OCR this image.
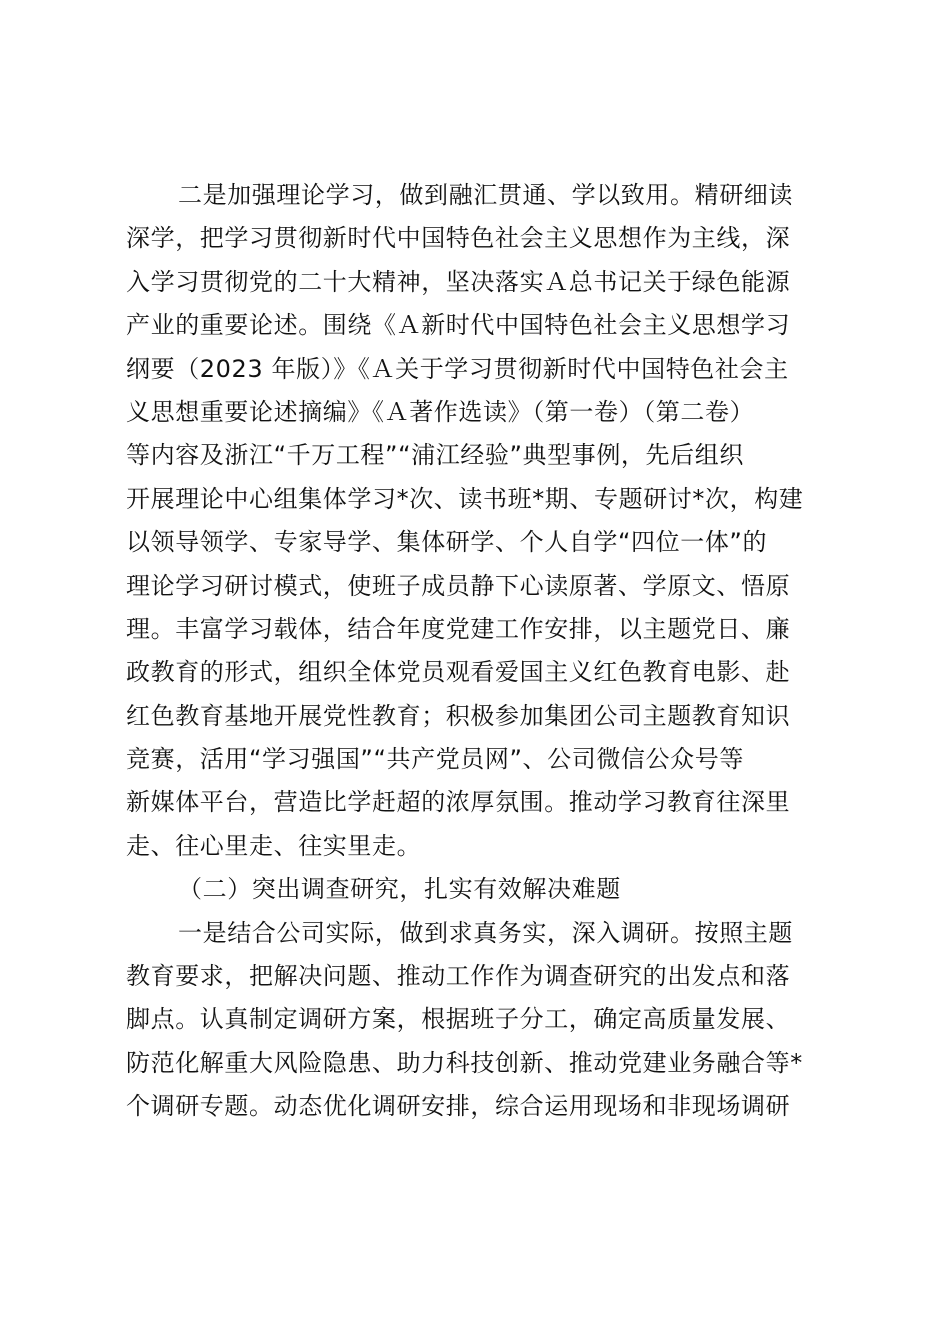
二是加强理论学习，做到融汇贯通、学以致用。精研细读
深学，把学习贯彻新时代中国特色社会主义思想作为主线，深
入学习贯彻党的二十大精神，坚决落实Ａ总书记关于绿色能源
产业的重要论述。围绕《Ａ新时代中国特色社会主义思想学习
纲要（2023 年版）》《Ａ关于学习贯彻新时代中国特色社会主
义思想重要论述摘编》《Ａ著作选读》（第一卷）（第二卷）
等内容及浙江“千万工程”“浦江经验”典型事例，先后组织
开展理论中心组集体学习*次、读书班*期、专题研讨*次，构建
以领导领学、专家导学、集体研学、个人自学“四位一体”的
理论学习研讨模式，使班子成员静下心读原著、学原文、悟原
理。丰富学习载体，结合年度党建工作安排，以主题党日、廉
政教育的形式，组织全体党员观看爱国主义红色教育电影、赴
红色教育基地开展党性教育；积极参加集团公司主题教育知识
竞赛，活用“学习强国”“共产党员网”、公司微信公众号等
新媒体平台，营造比学赶超的浓厚氛围。推动学习教育往深里
走、往心里走、往实里走。
（二）突出调查研究，扎实有效解决难题
一是结合公司实际，做到求真务实，深入调研。按照主题
教育要求，把解决问题、推动工作作为调查研究的出发点和落
脚点。认真制定调研方案，根据班子分工，确定高质量发展、
防范化解重大风险隐患、助力科技创新、推动党建业务融合等*
个调研专题。动态优化调研安排，综合运用现场和非现场调研
